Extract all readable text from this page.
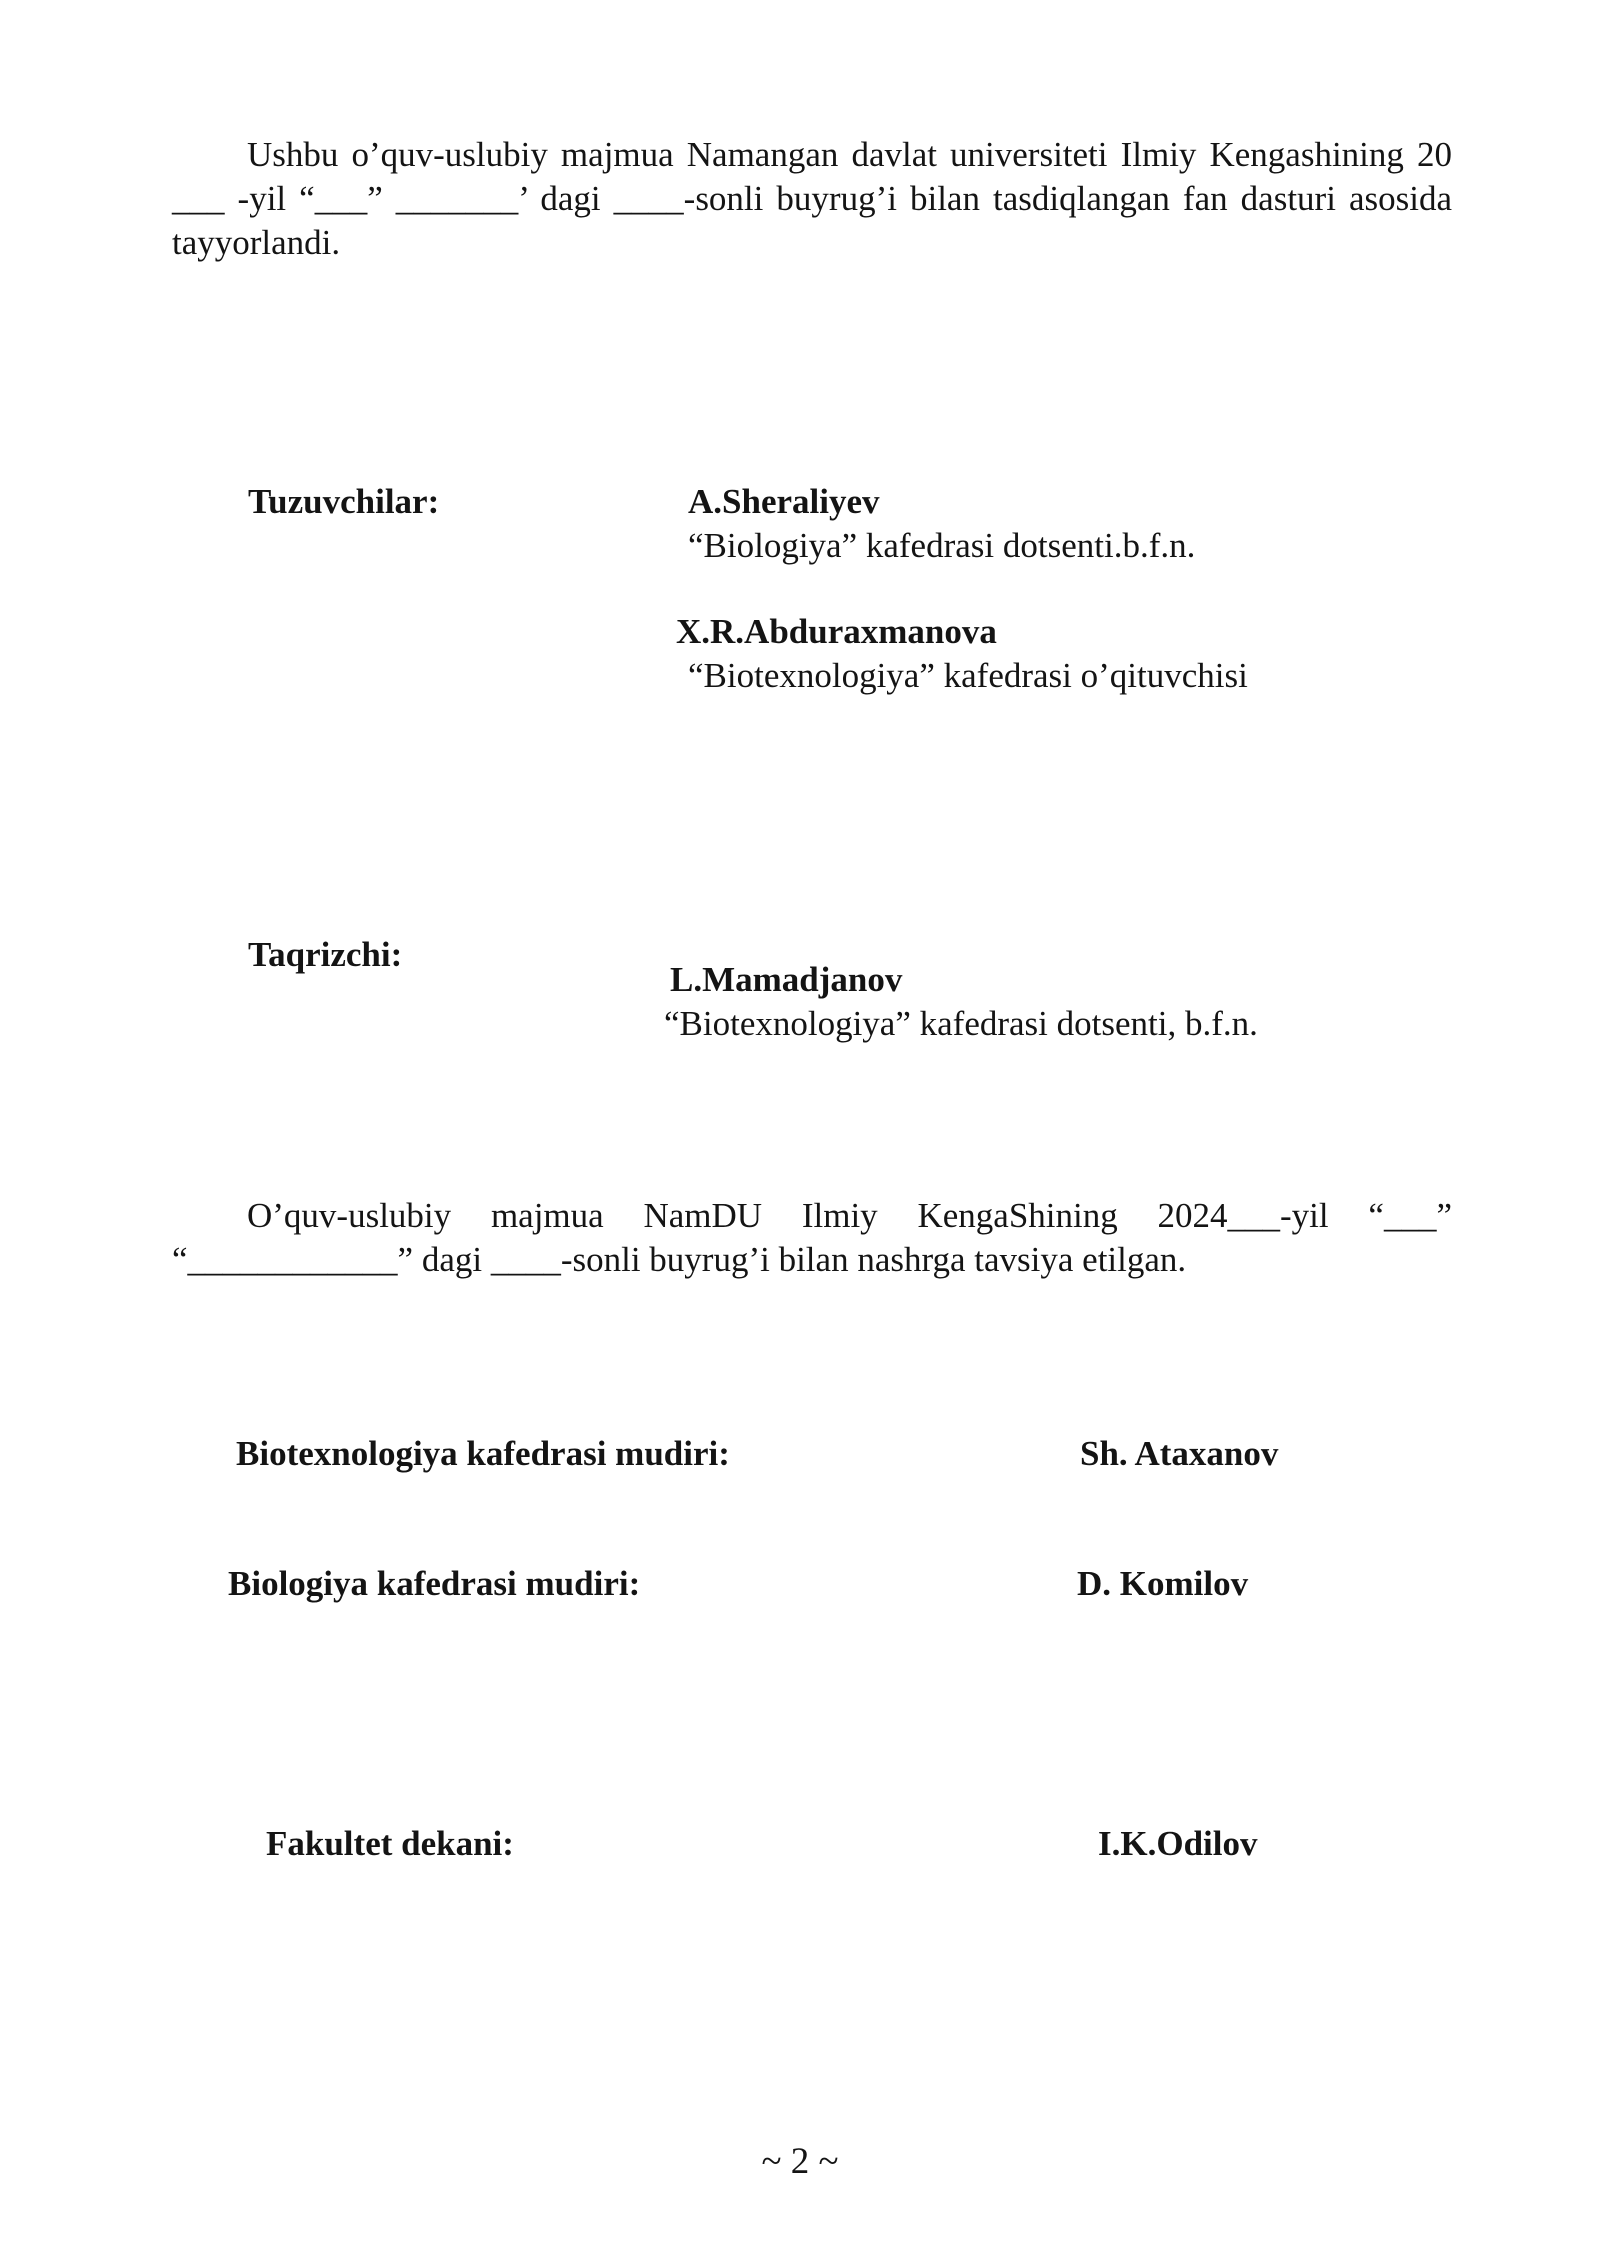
Ushbu o’quv-uslubiy majmua Namangan davlat universiteti Ilmiy Kengashining 20 ___ -yil “___” _______’ dagi ____-sonli buyrug’i bilan tasdiqlangan fan dasturi asosida tayyorlandi.

Tuzuvchilar:	A.Sheraliyev
“Biologiya” kafedrasi dotsenti.b.f.n.
X.R.Abduraxmanova
“Biotexnologiya” kafedrasi o’qituvchisi
Taqrizchi:
L.Mamadjanov
“Biotexnologiya” kafedrasi dotsenti, b.f.n.

O’quv-uslubiy majmua NamDU Ilmiy KengaShining 2024___-yil “___” “____________” dagi ____-sonli buyrug’i bilan nashrga tavsiya etilgan.

Biotexnologiya kafedrasi mudiri:	Sh. Ataxanov
Biologiya kafedrasi mudiri:	D. Komilov
Fakultet dekani:	I.K.Odilov
~ 2 ~
